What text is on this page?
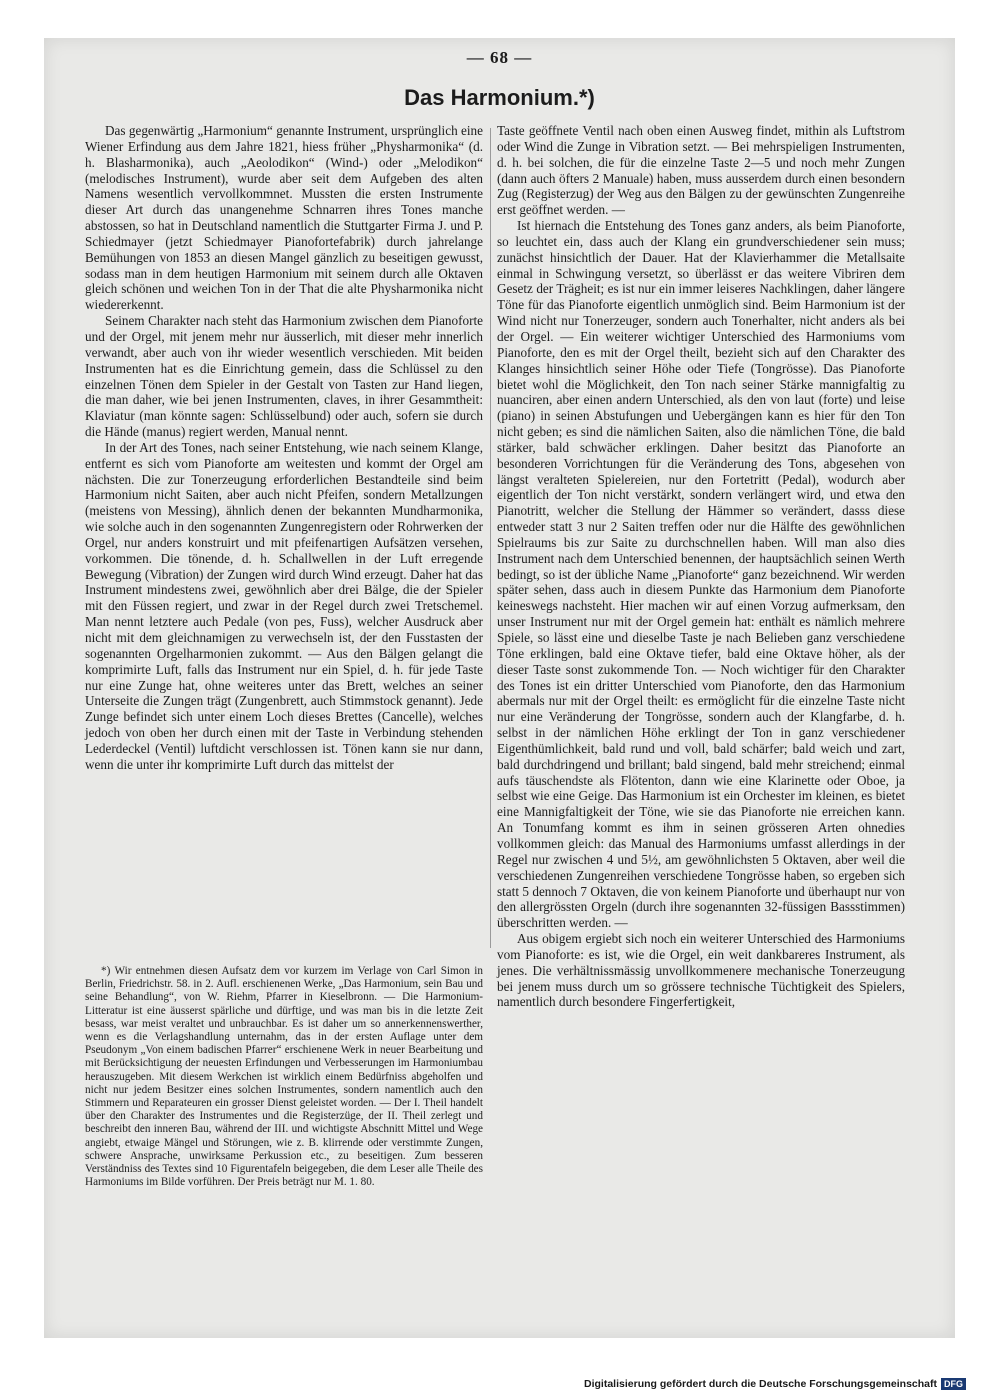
— 68 —
Das Harmonium.*)

Das gegenwärtig „Harmonium“ genannte Instrument, ursprünglich eine Wiener Erfindung aus dem Jahre 1821, hiess früher „Physharmonika“ (d. h. Blasharmonika), auch „Aeolodikon“ (Wind-) oder „Melodikon“ (melodisches Instrument), wurde aber seit dem Aufgeben des alten Namens wesentlich vervollkommnet. Mussten die ersten Instrumente dieser Art durch das unangenehme Schnarren ihres Tones manche abstossen, so hat in Deutschland namentlich die Stuttgarter Firma J. und P. Schiedmayer (jetzt Schiedmayer Pianofortefabrik) durch jahrelange Bemühungen von 1853 an diesen Mangel gänzlich zu beseitigen gewusst, sodass man in dem heutigen Harmonium mit seinem durch alle Oktaven gleich schönen und weichen Ton in der That die alte Physharmonika nicht wiedererkennt.

Seinem Charakter nach steht das Harmonium zwischen dem Pianoforte und der Orgel, mit jenem mehr nur äusserlich, mit dieser mehr innerlich verwandt, aber auch von ihr wieder wesentlich verschieden. Mit beiden Instrumenten hat es die Einrichtung gemein, dass die Schlüssel zu den einzelnen Tönen dem Spieler in der Gestalt von Tasten zur Hand liegen, die man daher, wie bei jenen Instrumenten, claves, in ihrer Gesammtheit: Klaviatur (man könnte sagen: Schlüsselbund) oder auch, sofern sie durch die Hände (manus) regiert werden, Manual nennt.

In der Art des Tones, nach seiner Entstehung, wie nach seinem Klange, entfernt es sich vom Pianoforte am weitesten und kommt der Orgel am nächsten. Die zur Tonerzeugung erforderlichen Bestandteile sind beim Harmonium nicht Saiten, aber auch nicht Pfeifen, sondern Metallzungen (meistens von Messing), ähnlich denen der bekannten Mundharmonika, wie solche auch in den sogenannten Zungenregistern oder Rohrwerken der Orgel, nur anders konstruirt und mit pfeifenartigen Aufsätzen versehen, vorkommen. Die tönende, d. h. Schallwellen in der Luft erregende Bewegung (Vibration) der Zungen wird durch Wind erzeugt. Daher hat das Instrument mindestens zwei, gewöhnlich aber drei Bälge, die der Spieler mit den Füssen regiert, und zwar in der Regel durch zwei Tretschemel. Man nennt letztere auch Pedale (von pes, Fuss), welcher Ausdruck aber nicht mit dem gleichnamigen zu verwechseln ist, der den Fusstasten der sogenannten Orgelharmonien zukommt. — Aus den Bälgen gelangt die komprimirte Luft, falls das Instrument nur ein Spiel, d. h. für jede Taste nur eine Zunge hat, ohne weiteres unter das Brett, welches an seiner Unterseite die Zungen trägt (Zungenbrett, auch Stimmstock genannt). Jede Zunge befindet sich unter einem Loch dieses Brettes (Cancelle), welches jedoch von oben her durch einen mit der Taste in Verbindung stehenden Lederdeckel (Ventil) luftdicht verschlossen ist. Tönen kann sie nur dann, wenn die unter ihr komprimirte Luft durch das mittelst der

Taste geöffnete Ventil nach oben einen Ausweg findet, mithin als Luftstrom oder Wind die Zunge in Vibration setzt. — Bei mehrspieligen Instrumenten, d. h. bei solchen, die für die einzelne Taste 2—5 und noch mehr Zungen (dann auch öfters 2 Manuale) haben, muss ausserdem durch einen besondern Zug (Registerzug) der Weg aus den Bälgen zu der gewünschten Zungenreihe erst geöffnet werden. —

Ist hiernach die Entstehung des Tones ganz anders, als beim Pianoforte, so leuchtet ein, dass auch der Klang ein grundverschiedener sein muss; zunächst hinsichtlich der Dauer. Hat der Klavierhammer die Metallsaite einmal in Schwingung versetzt, so überlässt er das weitere Vibriren dem Gesetz der Trägheit; es ist nur ein immer leiseres Nachklingen, daher längere Töne für das Pianoforte eigentlich unmöglich sind. Beim Harmonium ist der Wind nicht nur Tonerzeuger, sondern auch Tonerhalter, nicht anders als bei der Orgel. — Ein weiterer wichtiger Unterschied des Harmoniums vom Pianoforte, den es mit der Orgel theilt, bezieht sich auf den Charakter des Klanges hinsichtlich seiner Höhe oder Tiefe (Tongrösse). Das Pianoforte bietet wohl die Möglichkeit, den Ton nach seiner Stärke mannigfaltig zu nuanciren, aber einen andern Unterschied, als den von laut (forte) und leise (piano) in seinen Abstufungen und Uebergängen kann es hier für den Ton nicht geben; es sind die nämlichen Saiten, also die nämlichen Töne, die bald stärker, bald schwächer erklingen. Daher besitzt das Pianoforte an besonderen Vorrichtungen für die Veränderung des Tons, abgesehen von längst veralteten Spielereien, nur den Fortetritt (Pedal), wodurch aber eigentlich der Ton nicht verstärkt, sondern verlängert wird, und etwa den Pianotritt, welcher die Stellung der Hämmer so verändert, dasss diese entweder statt 3 nur 2 Saiten treffen oder nur die Hälfte des gewöhnlichen Spielraums bis zur Saite zu durchschnellen haben. Will man also dies Instrument nach dem Unterschied benennen, der hauptsächlich seinen Werth bedingt, so ist der übliche Name „Pianoforte“ ganz bezeichnend. Wir werden später sehen, dass auch in diesem Punkte das Harmonium dem Pianoforte keineswegs nachsteht. Hier machen wir auf einen Vorzug aufmerksam, den unser Instrument nur mit der Orgel gemein hat: enthält es nämlich mehrere Spiele, so lässt eine und dieselbe Taste je nach Belieben ganz verschiedene Töne erklingen, bald eine Oktave tiefer, bald eine Oktave höher, als der dieser Taste sonst zukommende Ton. — Noch wichtiger für den Charakter des Tones ist ein dritter Unterschied vom Pianoforte, den das Harmonium abermals nur mit der Orgel theilt: es ermöglicht für die einzelne Taste nicht nur eine Veränderung der Tongrösse, sondern auch der Klangfarbe, d. h. selbst in der nämlichen Höhe erklingt der Ton in ganz verschiedener Eigenthümlichkeit, bald rund und voll, bald schärfer; bald weich und zart, bald durchdringend und brillant; bald singend, bald mehr streichend; einmal aufs täuschendste als Flötenton, dann wie eine Klarinette oder Oboe, ja selbst wie eine Geige. Das Harmonium ist ein Orchester im kleinen, es bietet eine Mannigfaltigkeit der Töne, wie sie das Pianoforte nie erreichen kann. An Tonumfang kommt es ihm in seinen grösseren Arten ohnedies vollkommen gleich: das Manual des Harmoniums umfasst allerdings in der Regel nur zwischen 4 und 5½, am gewöhnlichsten 5 Oktaven, aber weil die verschiedenen Zungenreihen verschiedene Tongrösse haben, so ergeben sich statt 5 dennoch 7 Oktaven, die von keinem Pianoforte und überhaupt nur von den allergrössten Orgeln (durch ihre sogenannten 32-füssigen Bassstimmen) überschritten werden. —

Aus obigem ergiebt sich noch ein weiterer Unterschied des Harmoniums vom Pianoforte: es ist, wie die Orgel, ein weit dankbareres Instrument, als jenes. Die verhältnissmässig unvollkommenere mechanische Tonerzeugung bei jenem muss durch um so grössere technische Tüchtigkeit des Spielers, namentlich durch besondere Fingerfertigkeit,

*) Wir entnehmen diesen Aufsatz dem vor kurzem im Verlage von Carl Simon in Berlin, Friedrichstr. 58. in 2. Aufl. erschienenen Werke, „Das Harmonium, sein Bau und seine Behandlung“, von W. Riehm, Pfarrer in Kieselbronn. — Die Harmonium-Litteratur ist eine äusserst spärliche und dürftige, und was man bis in die letzte Zeit besass, war meist veraltet und unbrauchbar. Es ist daher um so annerkennenswerther, wenn es die Verlagshandlung unternahm, das in der ersten Auflage unter dem Pseudonym „Von einem badischen Pfarrer“ erschienene Werk in neuer Bearbeitung und mit Berücksichtigung der neuesten Erfindungen und Verbesserungen im Harmoniumbau herauszugeben. Mit diesem Werkchen ist wirklich einem Bedürfniss abgeholfen und nicht nur jedem Besitzer eines solchen Instrumentes, sondern namentlich auch den Stimmern und Reparateuren ein grosser Dienst geleistet worden. — Der I. Theil handelt über den Charakter des Instrumentes und die Registerzüge, der II. Theil zerlegt und beschreibt den inneren Bau, während der III. und wichtigste Abschnitt Mittel und Wege angiebt, etwaige Mängel und Störungen, wie z. B. klirrende oder verstimmte Zungen, schwere Ansprache, unwirksame Perkussion etc., zu beseitigen. Zum besseren Verständniss des Textes sind 10 Figurentafeln beigegeben, die dem Leser alle Theile des Harmoniums im Bilde vorführen. Der Preis beträgt nur M. 1. 80.

Digitalisierung gefördert durch die Deutsche Forschungsgemeinschaft DFG
